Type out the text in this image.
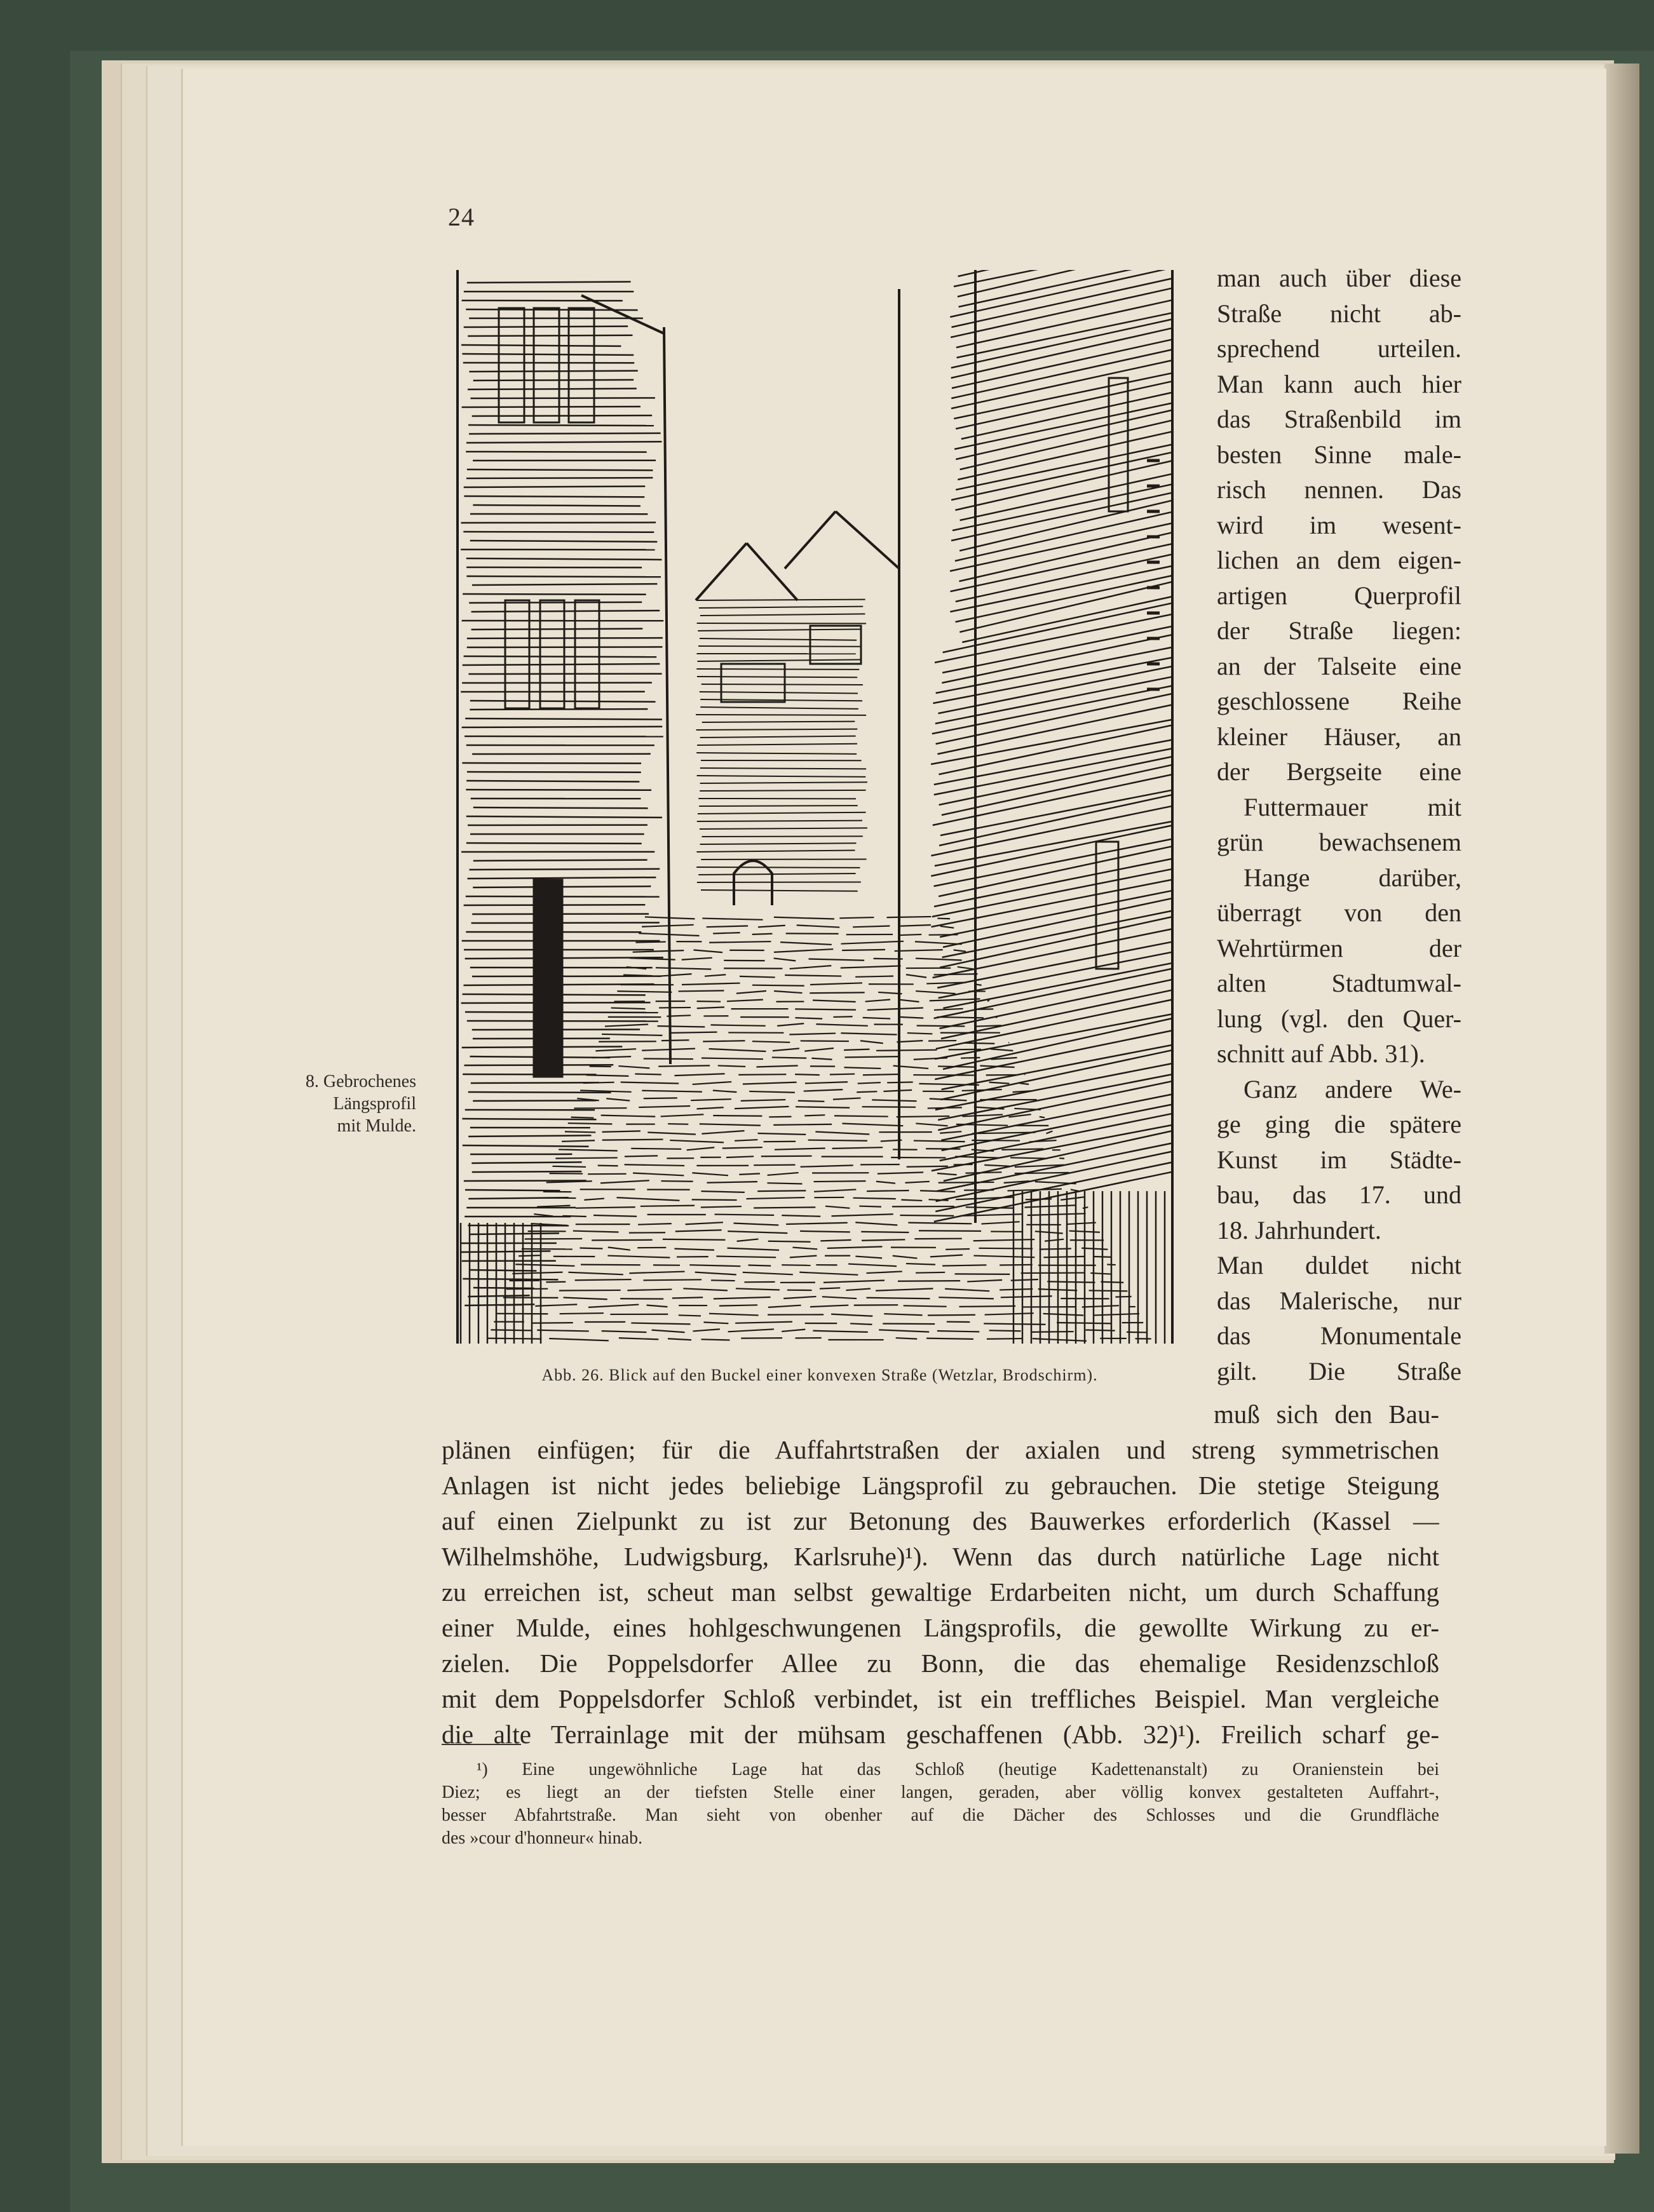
24
Abb. 26. Blick auf den Buckel einer konvexen Straße (Wetzlar, Brodschirm).
8. Gebrochenes
Längsprofil
mit Mulde.
man auch über diese
Straße nicht ab-
sprechend urteilen.
Man kann auch hier
das Straßenbild im
besten Sinne male-
risch nennen. Das
wird im wesent-
lichen an dem eigen-
artigen Querprofil
der Straße liegen:
an der Talseite eine
geschlossene Reihe
kleiner Häuser, an
der Bergseite eine
Futtermauer mit
grün bewachsenem
Hange darüber,
überragt von den
Wehrtürmen der
alten Stadtumwal-
lung (vgl. den Quer-
schnitt auf Abb. 31).
Ganz andere We-
ge ging die spätere
Kunst im Städte-
bau, das 17. und
18. Jahrhundert.
Man duldet nicht
das Malerische, nur
das Monumentale
gilt. Die Straße
muß sich den Bau-
plänen einfügen; für die Auffahrtstraßen der axialen und streng symmetrischen
Anlagen ist nicht jedes beliebige Längsprofil zu gebrauchen. Die stetige Steigung
auf einen Zielpunkt zu ist zur Betonung des Bauwerkes erforderlich (Kassel —
Wilhelmshöhe, Ludwigsburg, Karlsruhe)¹). Wenn das durch natürliche Lage nicht
zu erreichen ist, scheut man selbst gewaltige Erdarbeiten nicht, um durch Schaffung
einer Mulde, eines hohlgeschwungenen Längsprofils, die gewollte Wirkung zu er-
zielen. Die Poppelsdorfer Allee zu Bonn, die das ehemalige Residenzschloß
mit dem Poppelsdorfer Schloß verbindet, ist ein treffliches Beispiel. Man vergleiche
die alte Terrainlage mit der mühsam geschaffenen (Abb. 32)¹). Freilich scharf ge-
¹) Eine ungewöhnliche Lage hat das Schloß (heutige Kadettenanstalt) zu Oranienstein bei
Diez; es liegt an der tiefsten Stelle einer langen, geraden, aber völlig konvex gestalteten Auffahrt-,
besser Abfahrtstraße. Man sieht von obenher auf die Dächer des Schlosses und die Grundfläche
des »cour d'honneur« hinab.
